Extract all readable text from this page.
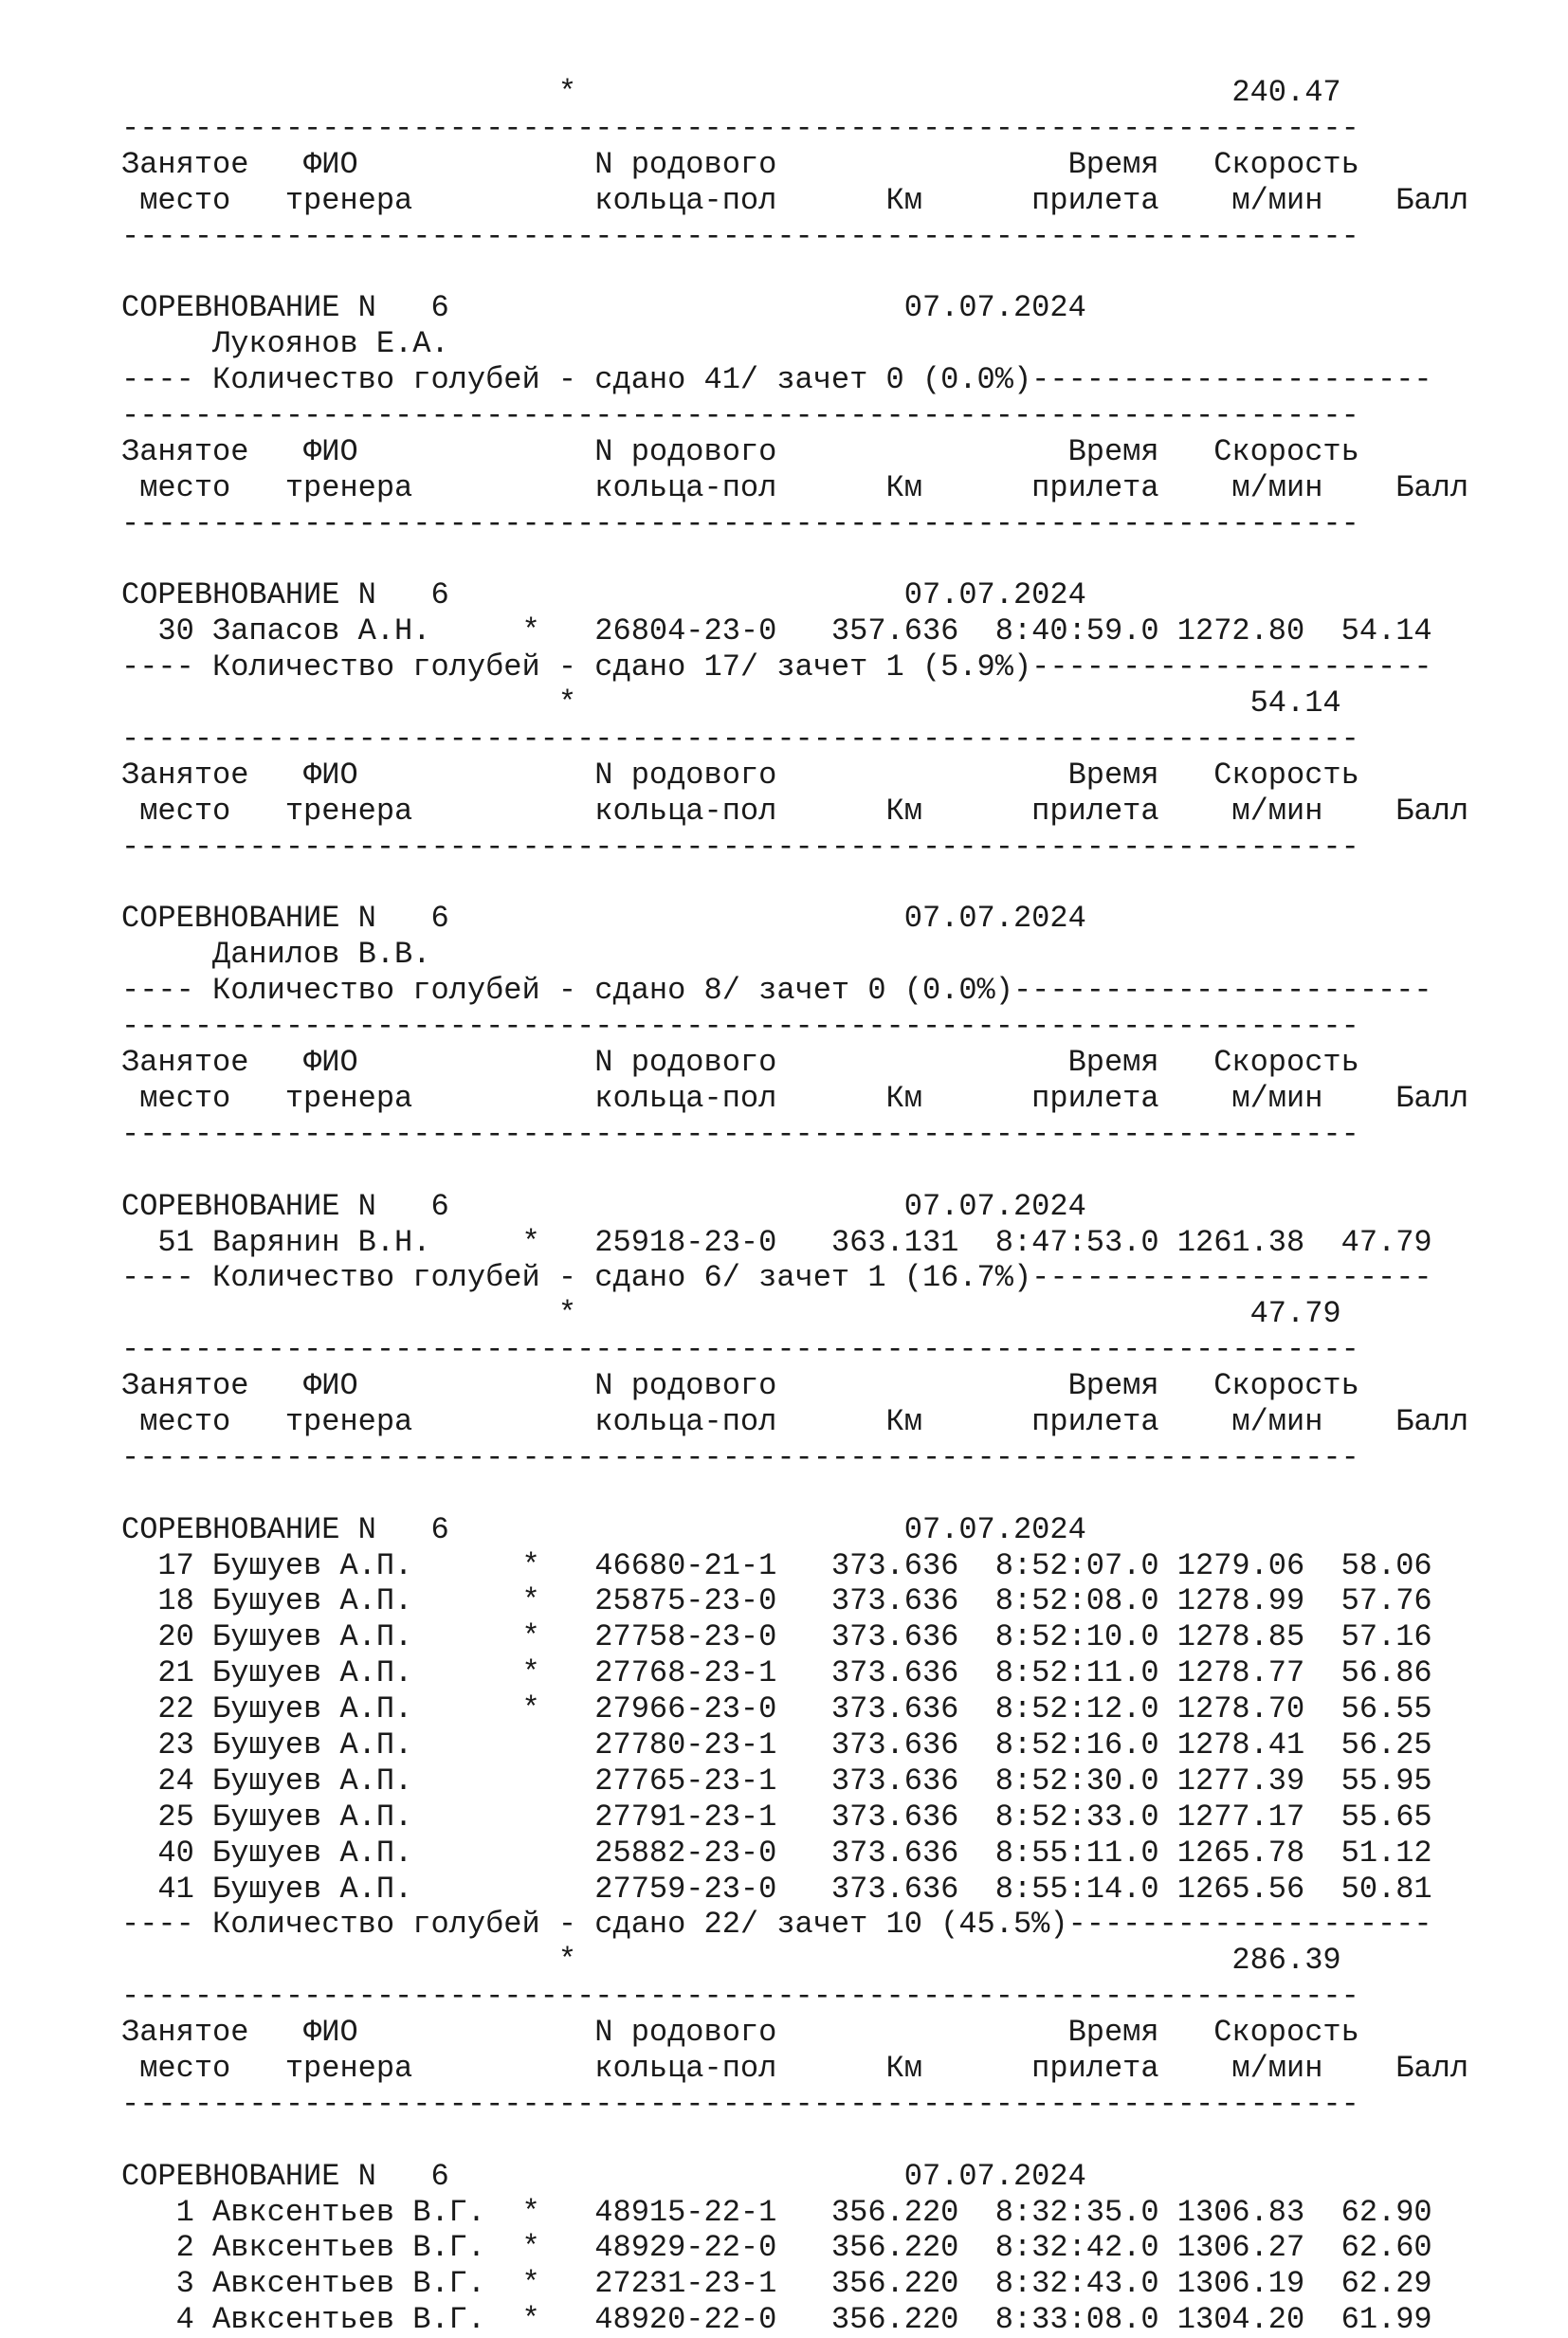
*                                    240.47
--------------------------------------------------------------------
Занятое   ФИО             N родового                Время   Скорость
место   тренера          кольца-пол      Км      прилета    м/мин    Балл
--------------------------------------------------------------------
СОРЕВНОВАНИЕ N   6                         07.07.2024
Лукоянов Е.А.
---- Количество голубей - сдано 41/ зачет 0 (0.0%)----------------------
--------------------------------------------------------------------
Занятое   ФИО             N родового                Время   Скорость
место   тренера          кольца-пол      Км      прилета    м/мин    Балл
--------------------------------------------------------------------
СОРЕВНОВАНИЕ N   6                         07.07.2024
30 Запасов А.Н.     *   26804-23-0   357.636  8:40:59.0 1272.80  54.14
---- Количество голубей - сдано 17/ зачет 1 (5.9%)----------------------
*                                     54.14
--------------------------------------------------------------------
Занятое   ФИО             N родового                Время   Скорость
место   тренера          кольца-пол      Км      прилета    м/мин    Балл
--------------------------------------------------------------------
СОРЕВНОВАНИЕ N   6                         07.07.2024
Данилов В.В.
---- Количество голубей - сдано 8/ зачет 0 (0.0%)-----------------------
--------------------------------------------------------------------
Занятое   ФИО             N родового                Время   Скорость
место   тренера          кольца-пол      Км      прилета    м/мин    Балл
--------------------------------------------------------------------
СОРЕВНОВАНИЕ N   6                         07.07.2024
51 Варянин В.Н.     *   25918-23-0   363.131  8:47:53.0 1261.38  47.79
---- Количество голубей - сдано 6/ зачет 1 (16.7%)----------------------
*                                     47.79
--------------------------------------------------------------------
Занятое   ФИО             N родового                Время   Скорость
место   тренера          кольца-пол      Км      прилета    м/мин    Балл
--------------------------------------------------------------------
СОРЕВНОВАНИЕ N   6                         07.07.2024
17 Бушуев А.П.      *   46680-21-1   373.636  8:52:07.0 1279.06  58.06
18 Бушуев А.П.      *   25875-23-0   373.636  8:52:08.0 1278.99  57.76
20 Бушуев А.П.      *   27758-23-0   373.636  8:52:10.0 1278.85  57.16
21 Бушуев А.П.      *   27768-23-1   373.636  8:52:11.0 1278.77  56.86
22 Бушуев А.П.      *   27966-23-0   373.636  8:52:12.0 1278.70  56.55
23 Бушуев А.П.          27780-23-1   373.636  8:52:16.0 1278.41  56.25
24 Бушуев А.П.          27765-23-1   373.636  8:52:30.0 1277.39  55.95
25 Бушуев А.П.          27791-23-1   373.636  8:52:33.0 1277.17  55.65
40 Бушуев А.П.          25882-23-0   373.636  8:55:11.0 1265.78  51.12
41 Бушуев А.П.          27759-23-0   373.636  8:55:14.0 1265.56  50.81
---- Количество голубей - сдано 22/ зачет 10 (45.5%)--------------------
*                                    286.39
--------------------------------------------------------------------
Занятое   ФИО             N родового                Время   Скорость
место   тренера          кольца-пол      Км      прилета    м/мин    Балл
--------------------------------------------------------------------
СОРЕВНОВАНИЕ N   6                         07.07.2024
1 Авксентьев В.Г.  *   48915-22-1   356.220  8:32:35.0 1306.83  62.90
2 Авксентьев В.Г.  *   48929-22-0   356.220  8:32:42.0 1306.27  62.60
3 Авксентьев В.Г.  *   27231-23-1   356.220  8:32:43.0 1306.19  62.29
4 Авксентьев В.Г.  *   48920-22-0   356.220  8:33:08.0 1304.20  61.99
